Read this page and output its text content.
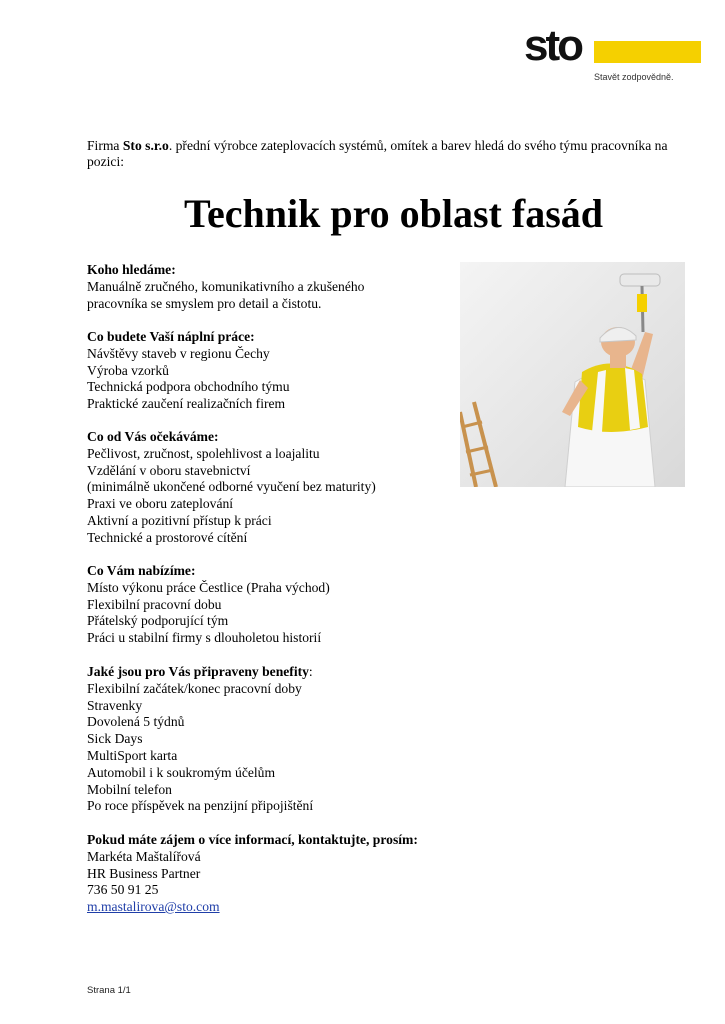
sto
Stavět zodpovědně.
Firma Sto s.r.o. přední výrobce zateplovacích systémů, omítek a barev hledá do svého týmu pracovníka na pozici:
Technik pro oblast fasád
Koho hledáme:
Manuálně zručného, komunikativního a zkušeného
pracovníka se smyslem pro detail a čistotu.
Co budete Vaší náplní práce:
Návštěvy staveb v regionu Čechy
Výroba vzorků
Technická podpora obchodního týmu
Praktické zaučení realizačních firem
Co od Vás očekáváme:
Pečlivost, zručnost, spolehlivost a loajalitu
Vzdělání v oboru stavebnictví
(minimálně ukončené odborné vyučení bez maturity)
Praxi ve oboru zateplování
Aktivní a pozitivní přístup k práci
Technické a prostorové cítění
Co Vám nabízíme:
Místo výkonu práce Čestlice (Praha východ)
Flexibilní pracovní dobu
Přátelský podporující tým
Práci u stabilní firmy s dlouholetou historií
Jaké jsou pro Vás připraveny benefity:
Flexibilní začátek/konec pracovní doby
Stravenky
Dovolená 5 týdnů
Sick Days
MultiSport karta
Automobil i k soukromým účelům
Mobilní telefon
Po roce příspěvek na penzijní připojištění
Pokud máte zájem o více informací, kontaktujte, prosím:
Markéta Maštalířová
HR Business Partner
736 50 91 25
m.mastalirova@sto.com
Strana 1/1
